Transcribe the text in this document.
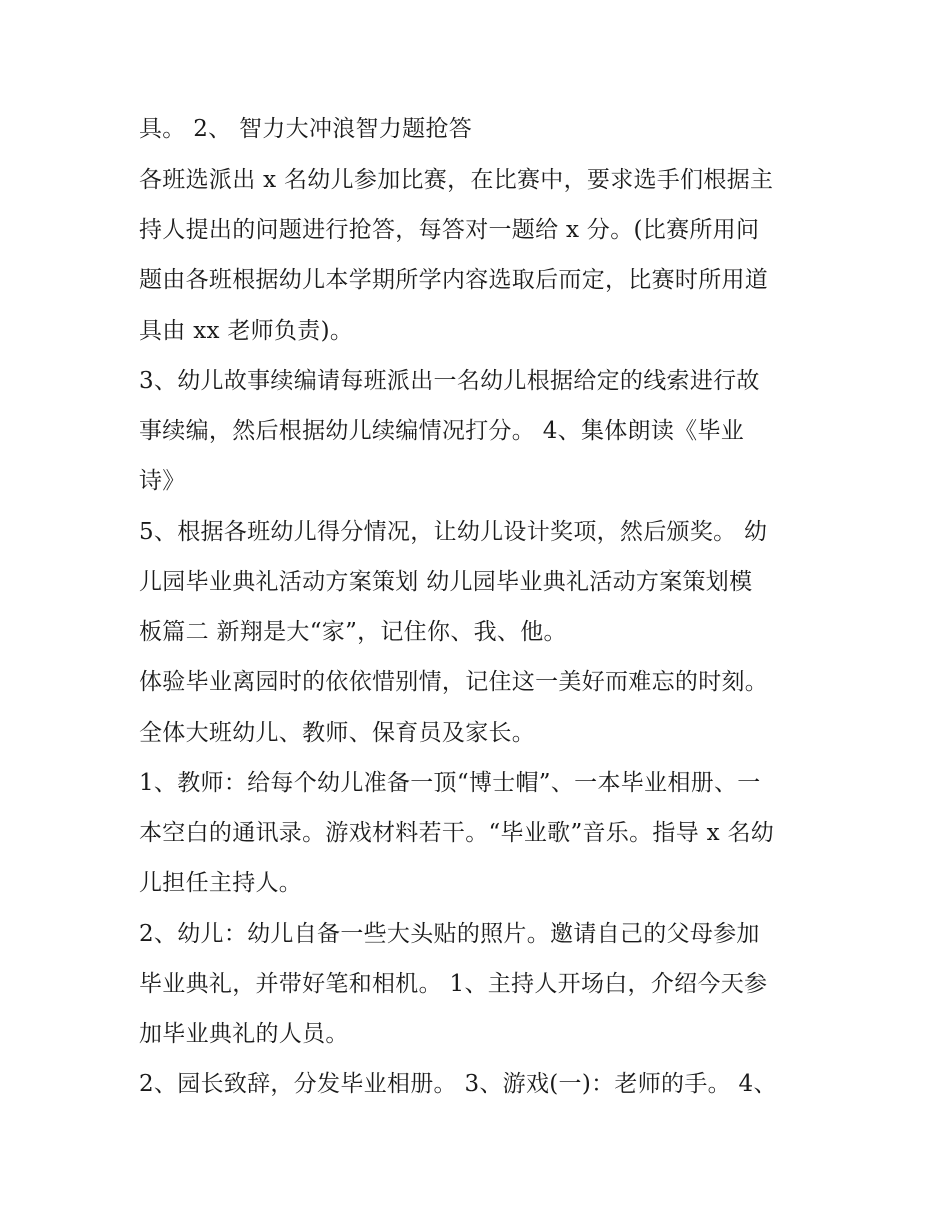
具。 2、 智力大冲浪智力题抢答
各班选派出 x 名幼儿参加比赛，在比赛中，要求选手们根据主
持人提出的问题进行抢答，每答对一题给 x 分。(比赛所用问
题由各班根据幼儿本学期所学内容选取后而定，比赛时所用道
具由 xx 老师负责)。
3、幼儿故事续编请每班派出一名幼儿根据给定的线索进行故
事续编，然后根据幼儿续编情况打分。 4、集体朗读《毕业
诗》
5、根据各班幼儿得分情况，让幼儿设计奖项，然后颁奖。 幼
儿园毕业典礼活动方案策划 幼儿园毕业典礼活动方案策划模
板篇二 新翔是大“家”，记住你、我、他。
体验毕业离园时的依依惜别情，记住这一美好而难忘的时刻。
全体大班幼儿、教师、保育员及家长。
1、教师：给每个幼儿准备一顶“博士帽”、一本毕业相册、一
本空白的通讯录。游戏材料若干。“毕业歌”音乐。指导 x 名幼
儿担任主持人。
2、幼儿：幼儿自备一些大头贴的照片。邀请自己的父母参加
毕业典礼，并带好笔和相机。 1、主持人开场白，介绍今天参
加毕业典礼的人员。
2、园长致辞，分发毕业相册。 3、游戏(一)：老师的手。 4、
